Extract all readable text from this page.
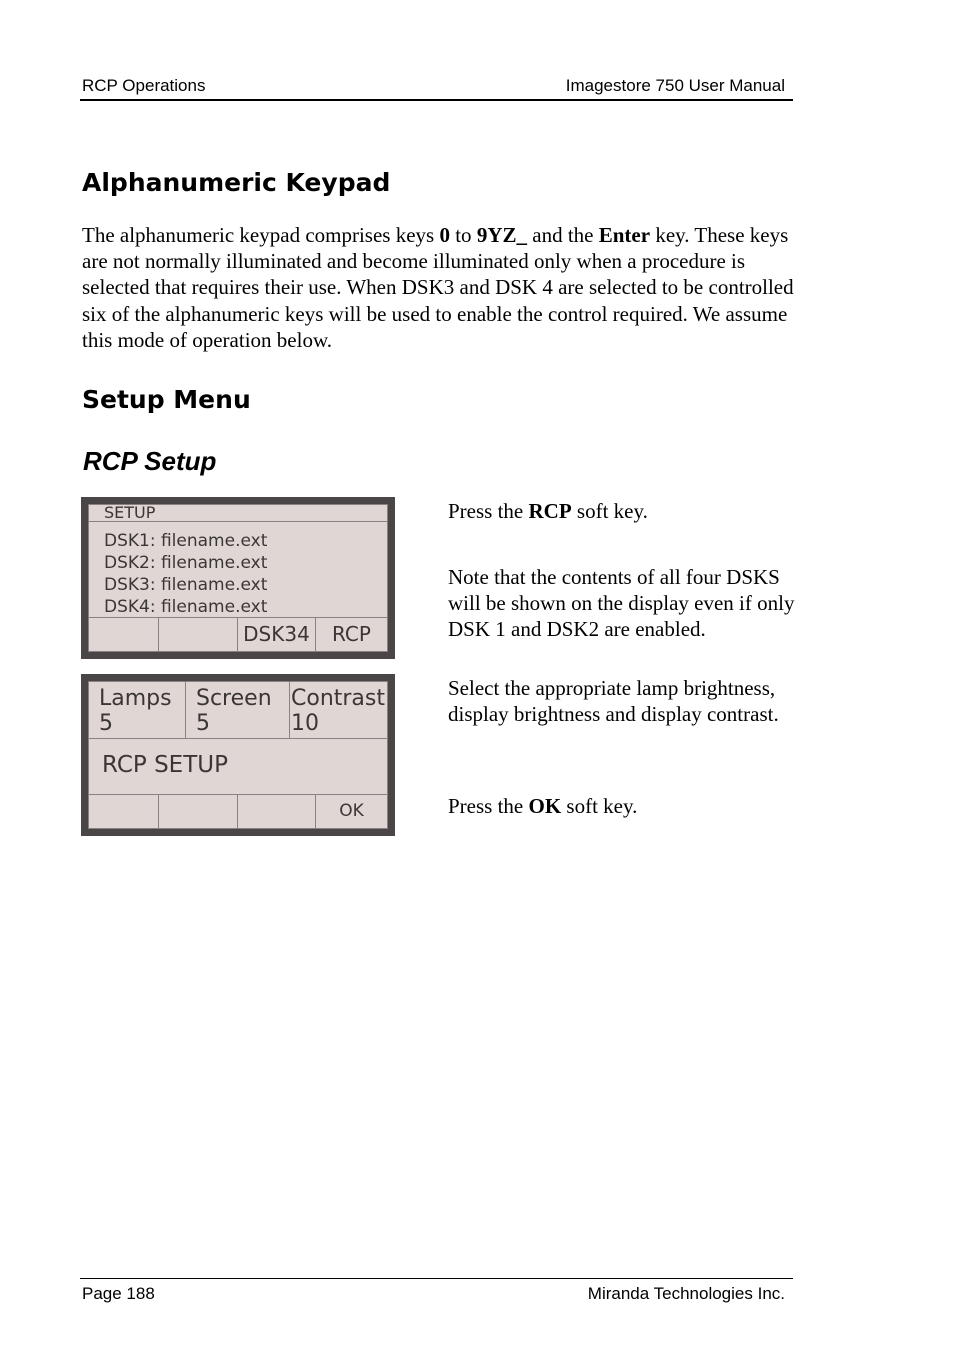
RCP Operations	Imagestore 750 User Manual
Alphanumeric Keypad

The alphanumeric keypad comprises keys 0 to 9YZ_ and the Enter key. These keys are not normally illuminated and become illuminated only when a procedure is selected that requires their use. When DSK3 and DSK 4 are selected to be controlled six of the alphanumeric keys will be used to enable the control required. We assume this mode of operation below.

Setup Menu
RCP Setup
SETUP
DSK1: filename.ext
DSK2: filename.ext
DSK3: filename.ext
DSK4: filename.ext
DSK34	RCP
Lamps
5
Screen
5
Contrast
10
RCP SETUP
OK

Press the RCP soft key.

Note that the contents of all four DSKS will be shown on the display even if only DSK 1 and DSK2 are enabled.

Select the appropriate lamp brightness, display brightness and display contrast.

Press the OK soft key.

Page 188	Miranda Technologies Inc.
